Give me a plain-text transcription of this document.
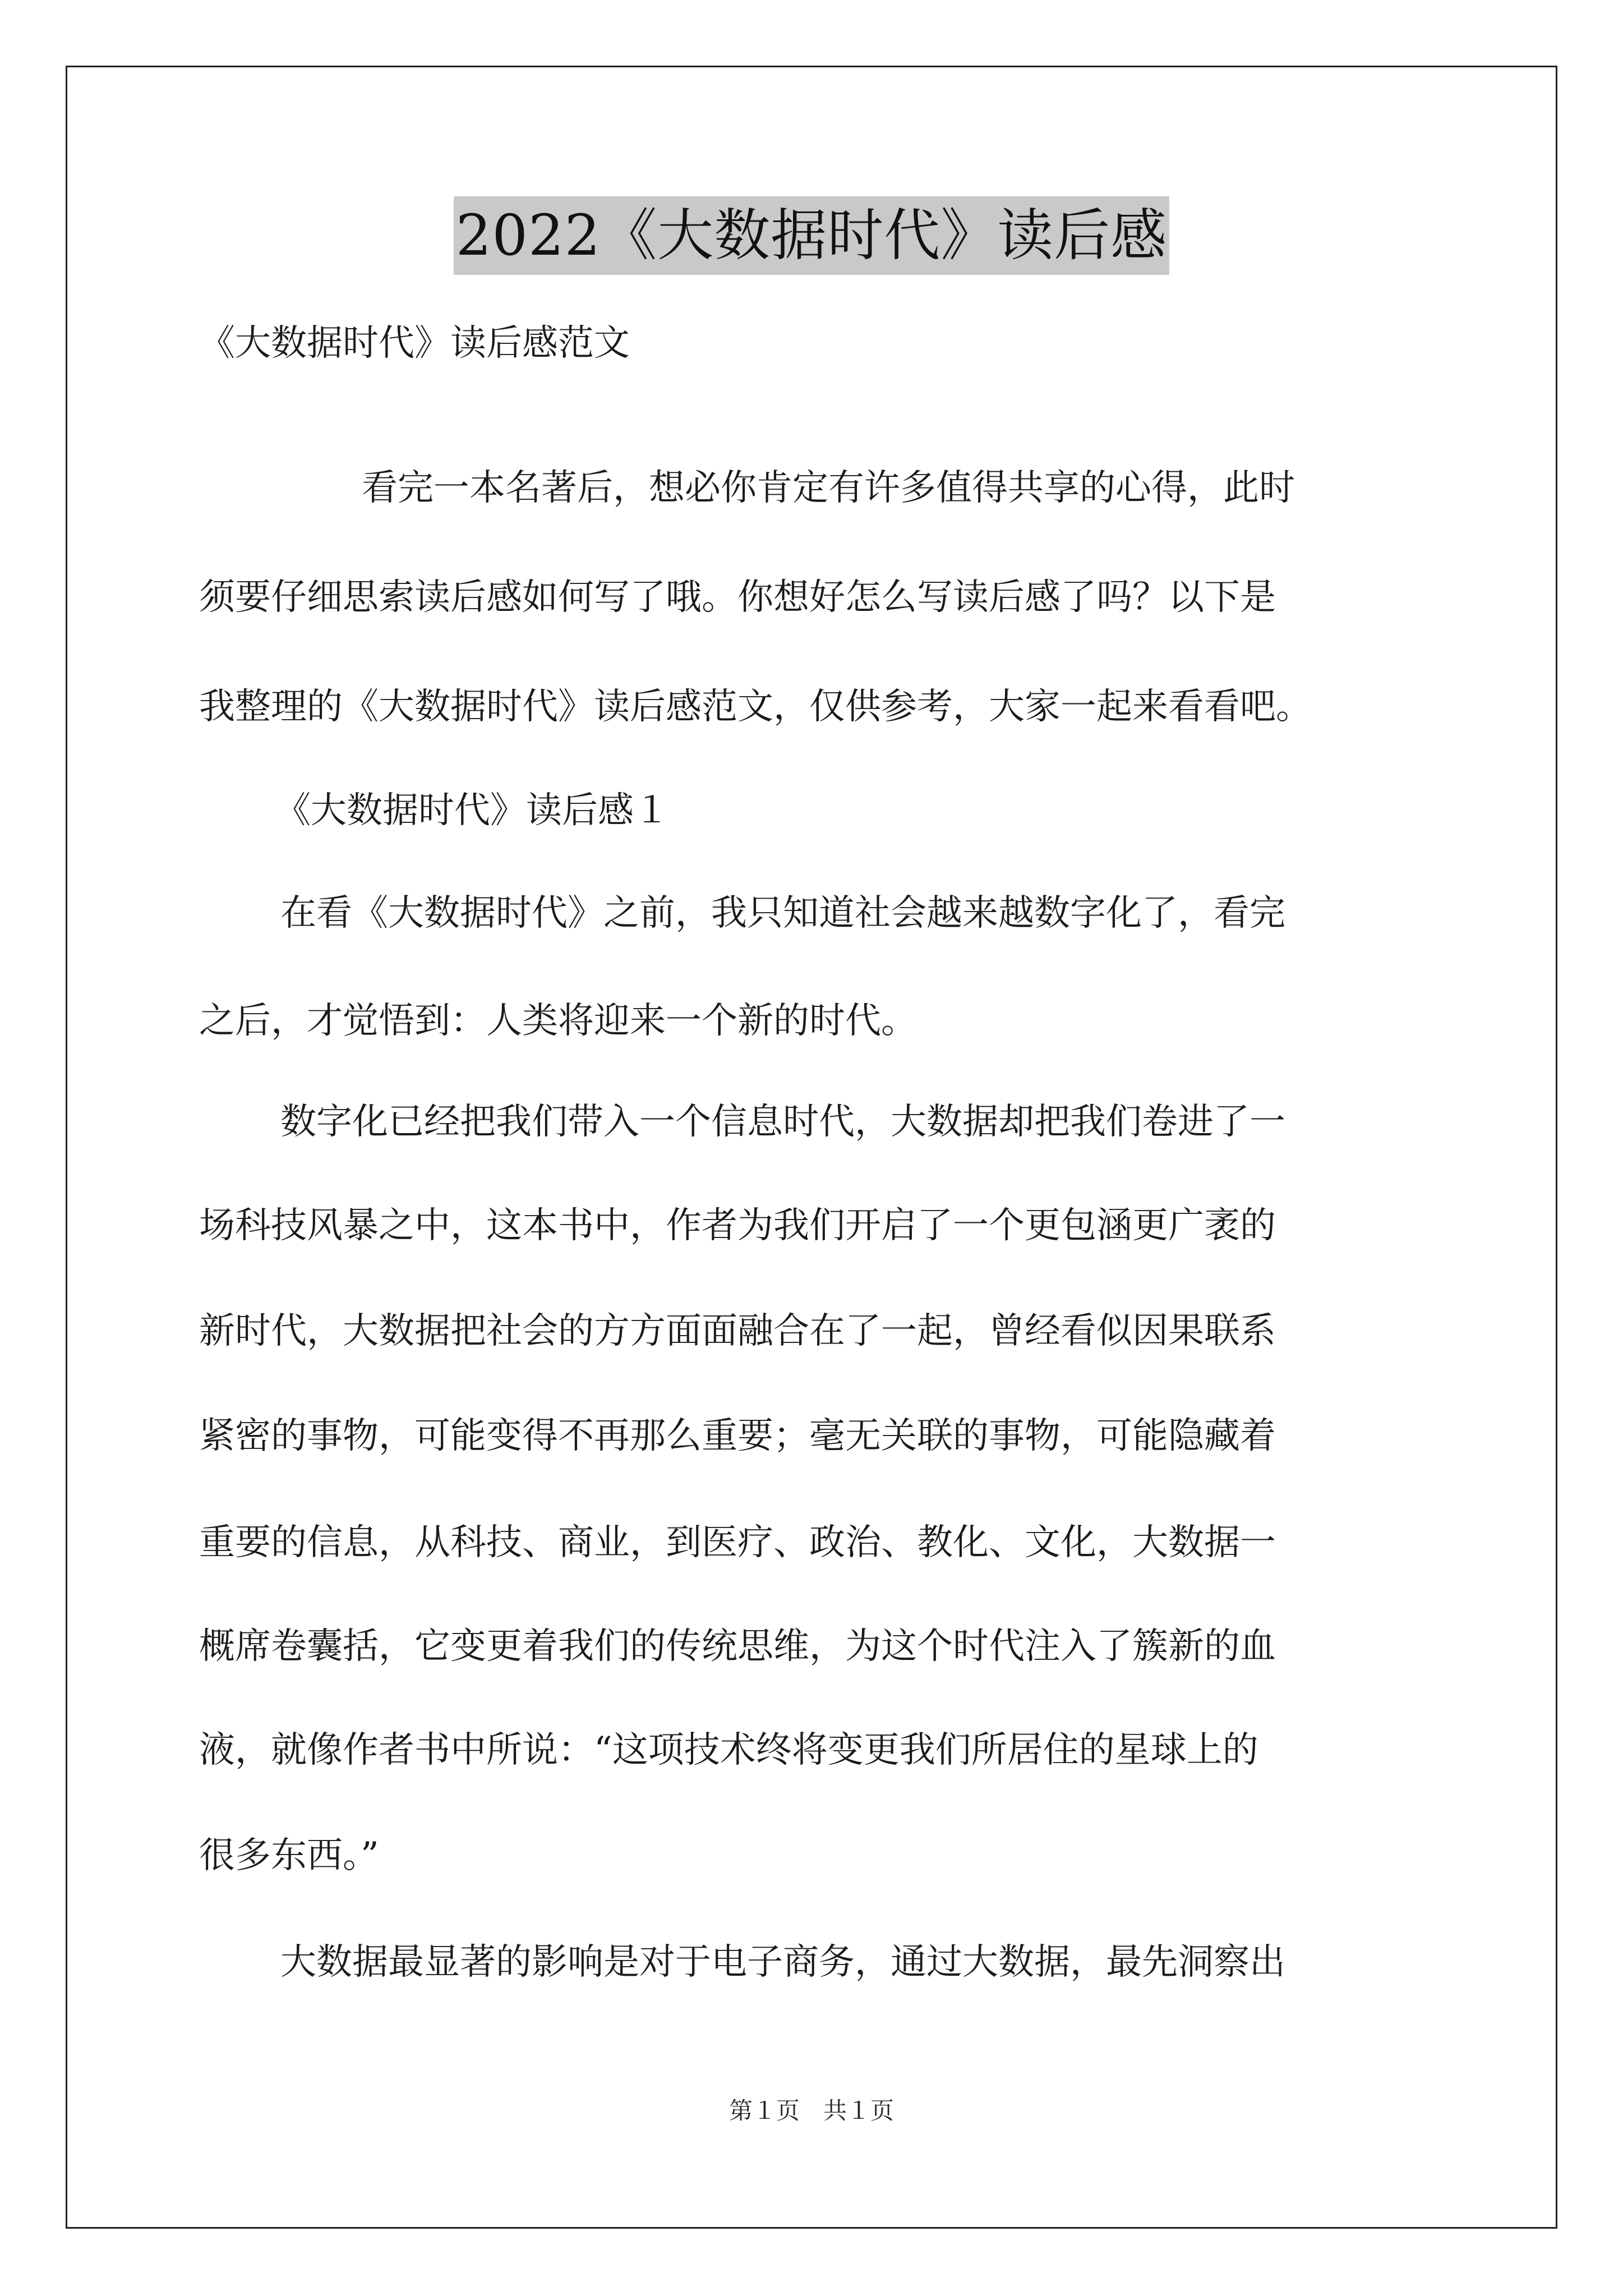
2022《大数据时代》读后感
《大数据时代》读后感范文
看完一本名著后，想必你肯定有许多值得共享的心得，此时
须要仔细思索读后感如何写了哦。你想好怎么写读后感了吗？以下是
我整理的《大数据时代》读后感范文，仅供参考，大家一起来看看吧。
《大数据时代》读后感１
在看《大数据时代》之前，我只知道社会越来越数字化了，看完
之后，才觉悟到：人类将迎来一个新的时代。
数字化已经把我们带入一个信息时代，大数据却把我们卷进了一
场科技风暴之中，这本书中，作者为我们开启了一个更包涵更广袤的
新时代，大数据把社会的方方面面融合在了一起，曾经看似因果联系
紧密的事物，可能变得不再那么重要；毫无关联的事物，可能隐藏着
重要的信息，从科技、商业，到医疗、政治、教化、文化，大数据一
概席卷囊括，它变更着我们的传统思维，为这个时代注入了簇新的血
液，就像作者书中所说：“这项技术终将变更我们所居住的星球上的
很多东西。”
大数据最显著的影响是对于电子商务，通过大数据，最先洞察出
第１页　共１页
